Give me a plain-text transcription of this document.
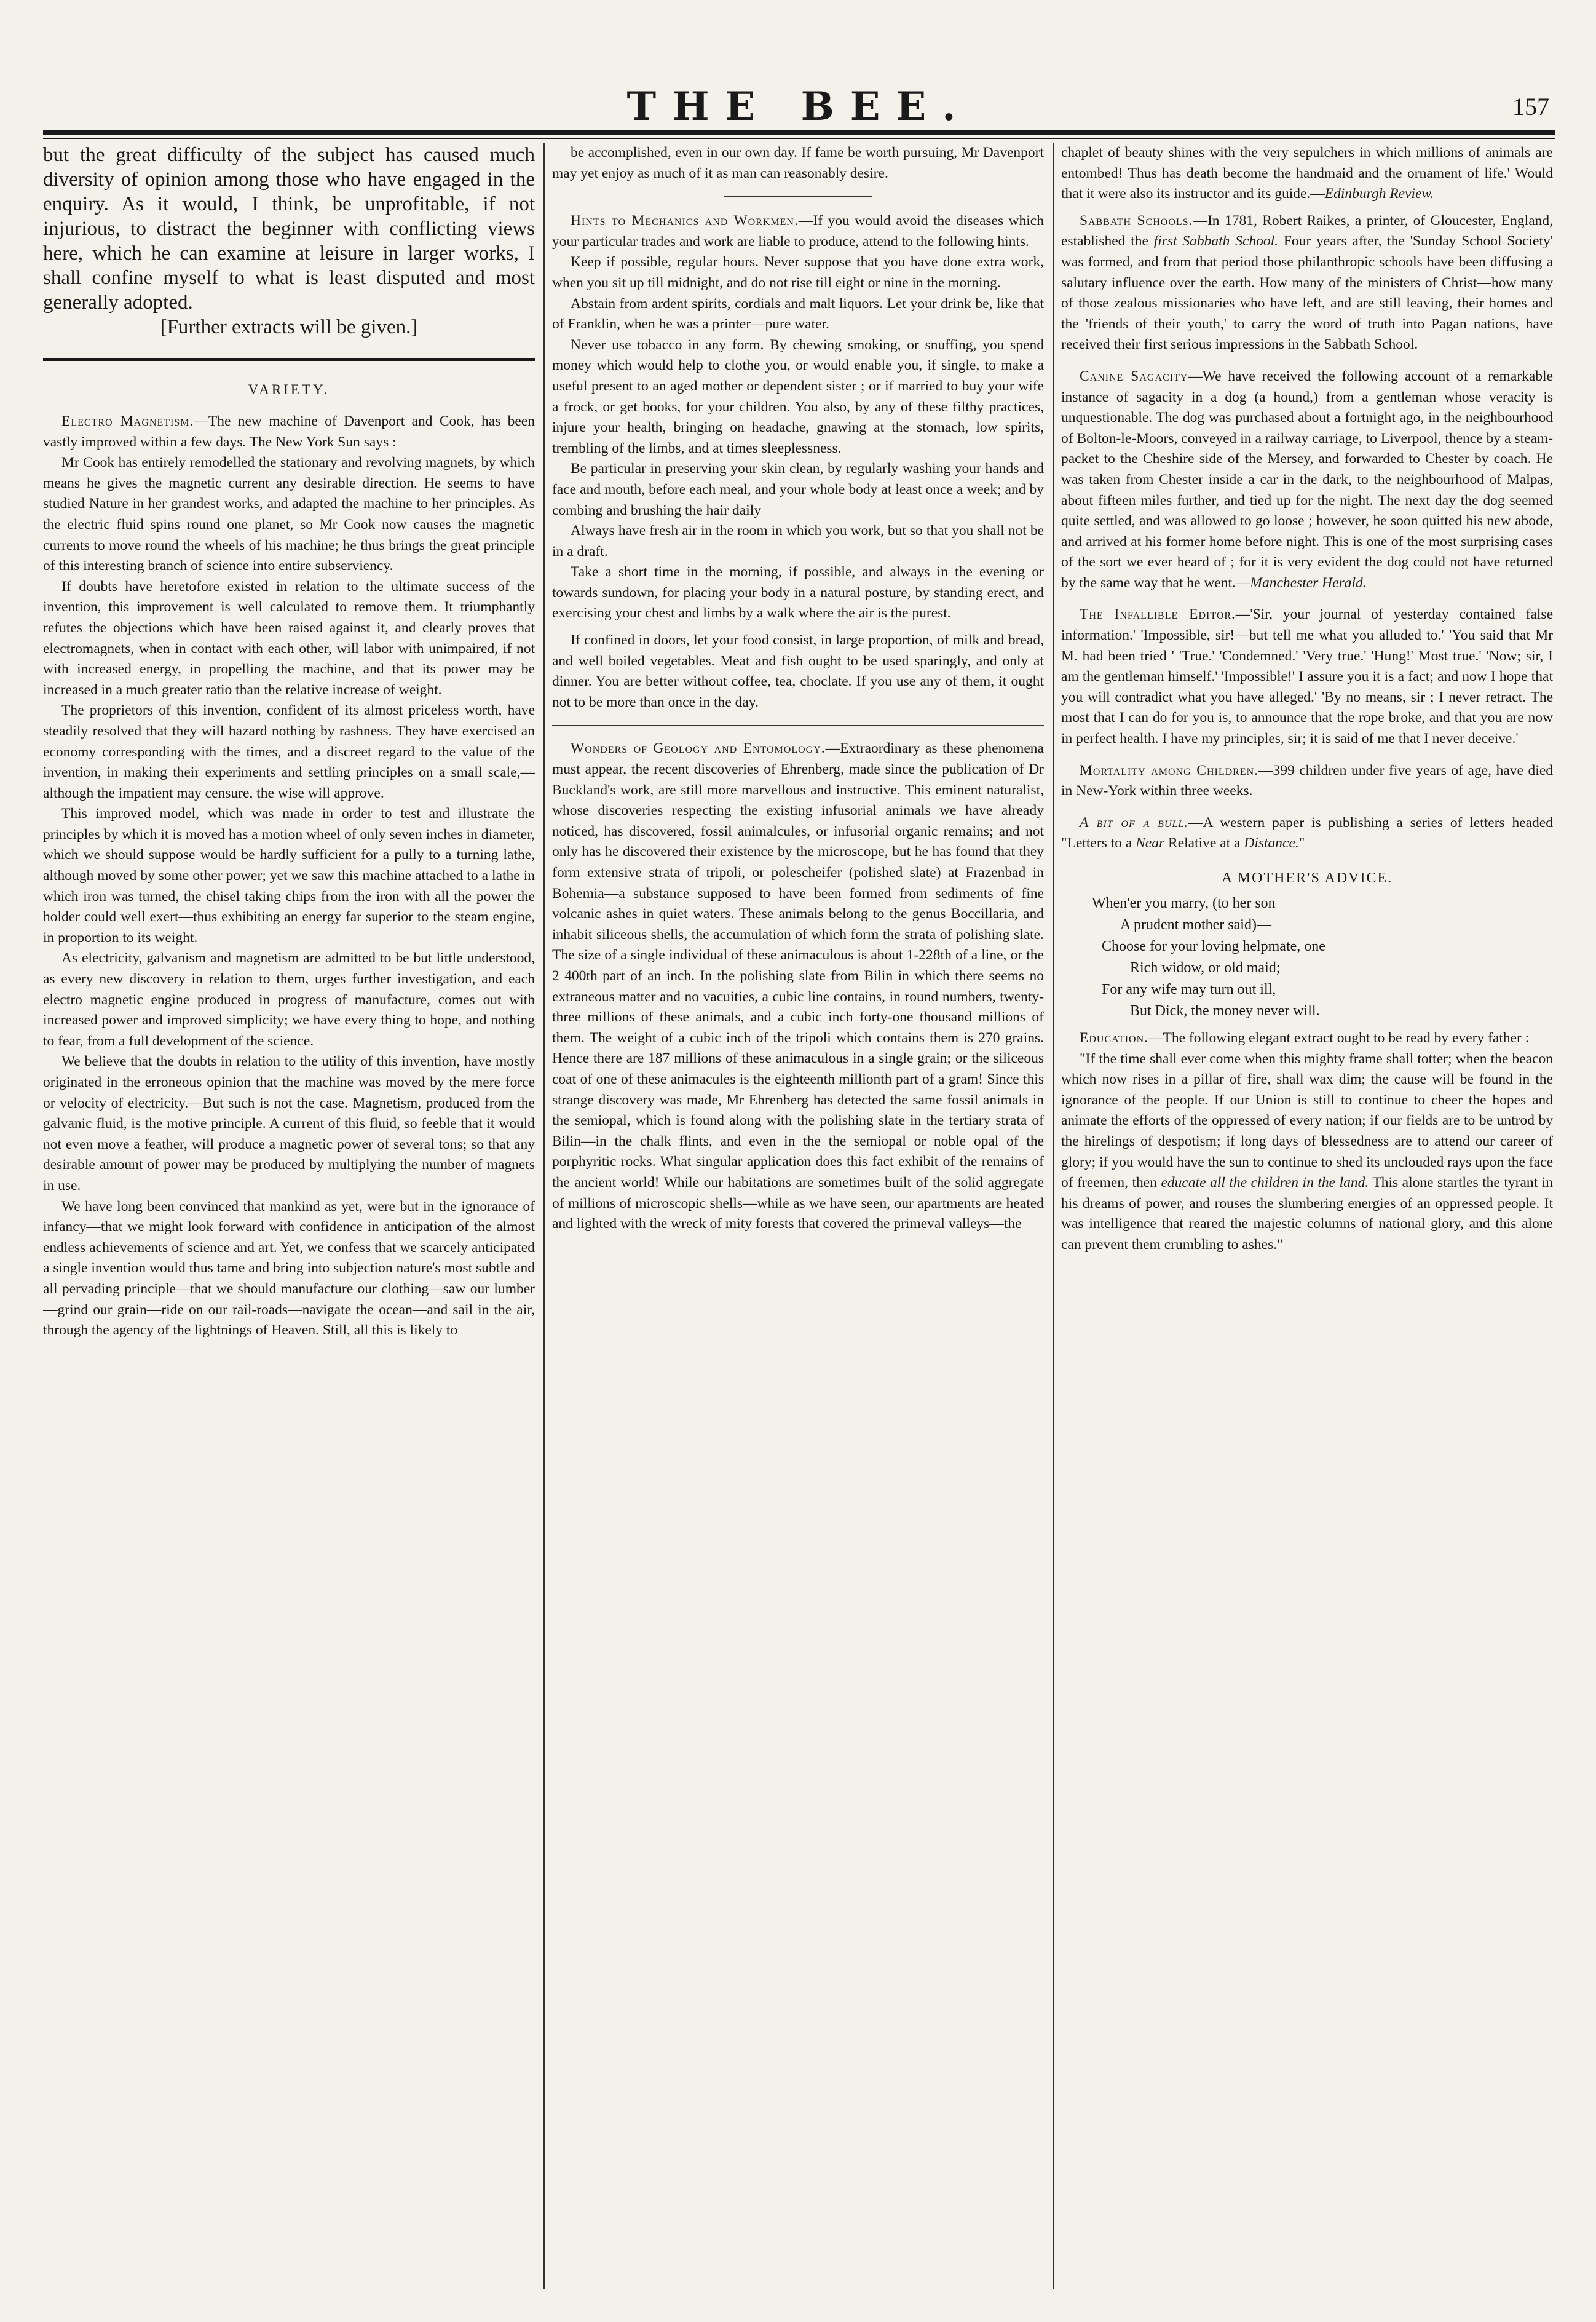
THE BEE.	157

but the great difficulty of the subject has caused much diversity of opinion among those who have engaged in the enquiry. As it would, I think, be unprofitable, if not injurious, to distract the beginner with conflicting views here, which he can examine at leisure in larger works, I shall confine myself to what is least disputed and most generally adopted.

[Further extracts will be given.]

VARIETY.

Electro Magnetism.—The new machine of Davenport and Cook, has been vastly improved within a few days. The New York Sun says :

Mr Cook has entirely remodelled the stationary and revolving magnets, by which means he gives the magnetic current any desirable direction. He seems to have studied Nature in her grandest works, and adapted the machine to her principles. As the electric fluid spins round one planet, so Mr Cook now causes the magnetic currents to move round the wheels of his machine; he thus brings the great principle of this interesting branch of science into entire subserviency.

If doubts have heretofore existed in relation to the ultimate success of the invention, this improvement is well calculated to remove them. It triumphantly refutes the objections which have been raised against it, and clearly proves that electromagnets, when in contact with each other, will labor with unimpaired, if not with increased energy, in propelling the machine, and that its power may be increased in a much greater ratio than the relative increase of weight.

The proprietors of this invention, confident of its almost priceless worth, have steadily resolved that they will hazard nothing by rashness. They have exercised an economy corresponding with the times, and a discreet regard to the value of the invention, in making their experiments and settling principles on a small scale,—although the impatient may censure, the wise will approve.

This improved model, which was made in order to test and illustrate the principles by which it is moved has a motion wheel of only seven inches in diameter, which we should suppose would be hardly sufficient for a pully to a turning lathe, although moved by some other power; yet we saw this machine attached to a lathe in which iron was turned, the chisel taking chips from the iron with all the power the holder could well exert—thus exhibiting an energy far superior to the steam engine, in proportion to its weight.

As electricity, galvanism and magnetism are admitted to be but little understood, as every new discovery in relation to them, urges further investigation, and each electro magnetic engine produced in progress of manufacture, comes out with increased power and improved simplicity; we have every thing to hope, and nothing to fear, from a full development of the science.

We believe that the doubts in relation to the utility of this invention, have mostly originated in the erroneous opinion that the machine was moved by the mere force or velocity of electricity.—But such is not the case. Magnetism, produced from the galvanic fluid, is the motive principle. A current of this fluid, so feeble that it would not even move a feather, will produce a magnetic power of several tons; so that any desirable amount of power may be produced by multiplying the number of magnets in use.

We have long been convinced that mankind as yet, were but in the ignorance of infancy—that we might look forward with confidence in anticipation of the almost endless achievements of science and art. Yet, we confess that we scarcely anticipated a single invention would thus tame and bring into subjection nature's most subtle and all pervading principle—that we should manufacture our clothing—saw our lumber—grind our grain—ride on our rail-roads—navigate the ocean—and sail in the air, through the agency of the lightnings of Heaven. Still, all this is likely to

be accomplished, even in our own day. If fame be worth pursuing, Mr Davenport may yet enjoy as much of it as man can reasonably desire.

Hints to Mechanics and Workmen.—If you would avoid the diseases which your particular trades and work are liable to produce, attend to the following hints.

Keep if possible, regular hours. Never suppose that you have done extra work, when you sit up till midnight, and do not rise till eight or nine in the morning.

Abstain from ardent spirits, cordials and malt liquors. Let your drink be, like that of Franklin, when he was a printer—pure water.

Never use tobacco in any form. By chewing smoking, or snuffing, you spend money which would help to clothe you, or would enable you, if single, to make a useful present to an aged mother or dependent sister ; or if married to buy your wife a frock, or get books, for your children. You also, by any of these filthy practices, injure your health, bringing on headache, gnawing at the stomach, low spirits, trembling of the limbs, and at times sleeplessness.

Be particular in preserving your skin clean, by regularly washing your hands and face and mouth, before each meal, and your whole body at least once a week; and by combing and brushing the hair daily

Always have fresh air in the room in which you work, but so that you shall not be in a draft.

Take a short time in the morning, if possible, and always in the evening or towards sundown, for placing your body in a natural posture, by standing erect, and exercising your chest and limbs by a walk where the air is the purest.

If confined in doors, let your food consist, in large proportion, of milk and bread, and well boiled vegetables. Meat and fish ought to be used sparingly, and only at dinner. You are better without coffee, tea, choclate. If you use any of them, it ought not to be more than once in the day.

Wonders of Geology and Entomology.—Extraordinary as these phenomena must appear, the recent discoveries of Ehrenberg, made since the publication of Dr Buckland's work, are still more marvellous and instructive. This eminent naturalist, whose discoveries respecting the existing infusorial animals we have already noticed, has discovered, fossil animalcules, or infusorial organic remains; and not only has he discovered their existence by the microscope, but he has found that they form extensive strata of tripoli, or polescheifer (polished slate) at Frazenbad in Bohemia—a substance supposed to have been formed from sediments of fine volcanic ashes in quiet waters. These animals belong to the genus Boccillaria, and inhabit siliceous shells, the accumulation of which form the strata of polishing slate. The size of a single individual of these animaculous is about 1-228th of a line, or the 2 400th part of an inch. In the polishing slate from Bilin in which there seems no extraneous matter and no vacuities, a cubic line contains, in round numbers, twenty-three millions of these animals, and a cubic inch forty-one thousand millions of them. The weight of a cubic inch of the tripoli which contains them is 270 grains. Hence there are 187 millions of these animaculous in a single grain; or the siliceous coat of one of these animacules is the eighteenth millionth part of a gram! Since this strange discovery was made, Mr Ehrenberg has detected the same fossil animals in the semiopal, which is found along with the polishing slate in the tertiary strata of Bilin—in the chalk flints, and even in the the semiopal or noble opal of the porphyritic rocks. What singular application does this fact exhibit of the remains of the ancient world! While our habitations are sometimes built of the solid aggregate of millions of microscopic shells—while as we have seen, our apartments are heated and lighted with the wreck of mity forests that covered the primeval valleys—the

chaplet of beauty shines with the very sepulchers in which millions of animals are entombed! Thus has death become the handmaid and the ornament of life.' Would that it were also its instructor and its guide.—Edinburgh Review.

Sabbath Schools.—In 1781, Robert Raikes, a printer, of Gloucester, England, established the first Sabbath School. Four years after, the 'Sunday School Society' was formed, and from that period those philanthropic schools have been diffusing a salutary influence over the earth. How many of the ministers of Christ—how many of those zealous missionaries who have left, and are still leaving, their homes and the 'friends of their youth,' to carry the word of truth into Pagan nations, have received their first serious impressions in the Sabbath School.

Canine Sagacity—We have received the following account of a remarkable instance of sagacity in a dog (a hound,) from a gentleman whose veracity is unquestionable. The dog was purchased about a fortnight ago, in the neighbourhood of Bolton-le-Moors, conveyed in a railway carriage, to Liverpool, thence by a steam-packet to the Cheshire side of the Mersey, and forwarded to Chester by coach. He was taken from Chester inside a car in the dark, to the neighbourhood of Malpas, about fifteen miles further, and tied up for the night. The next day the dog seemed quite settled, and was allowed to go loose ; however, he soon quitted his new abode, and arrived at his former home before night. This is one of the most surprising cases of the sort we ever heard of ; for it is very evident the dog could not have returned by the same way that he went.—Manchester Herald.

The Infallible Editor.—'Sir, your journal of yesterday contained false information.' 'Impossible, sir!—but tell me what you alluded to.' 'You said that Mr M. had been tried ' 'True.' 'Condemned.' 'Very true.' 'Hung!' Most true.' 'Now; sir, I am the gentleman himself.' 'Impossible!' I assure you it is a fact; and now I hope that you will contradict what you have alleged.' 'By no means, sir ; I never retract. The most that I can do for you is, to announce that the rope broke, and that you are now in perfect health. I have my principles, sir; it is said of me that I never deceive.'

Mortality among Children.—399 children under five years of age, have died in New-York within three weeks.

A bit of a bull.—A western paper is publishing a series of letters headed "Letters to a Near Relative at a Distance."

A MOTHER'S ADVICE.
When'er you marry, (to her son
A prudent mother said)—
Choose for your loving helpmate, one
Rich widow, or old maid;
For any wife may turn out ill,
But Dick, the money never will.

Education.—The following elegant extract ought to be read by every father :

"If the time shall ever come when this mighty frame shall totter; when the beacon which now rises in a pillar of fire, shall wax dim; the cause will be found in the ignorance of the people. If our Union is still to continue to cheer the hopes and animate the efforts of the oppressed of every nation; if our fields are to be untrod by the hirelings of despotism; if long days of blessedness are to attend our career of glory; if you would have the sun to continue to shed its unclouded rays upon the face of freemen, then educate all the children in the land. This alone startles the tyrant in his dreams of power, and rouses the slumbering energies of an oppressed people. It was intelligence that reared the majestic columns of national glory, and this alone can prevent them crumbling to ashes."
